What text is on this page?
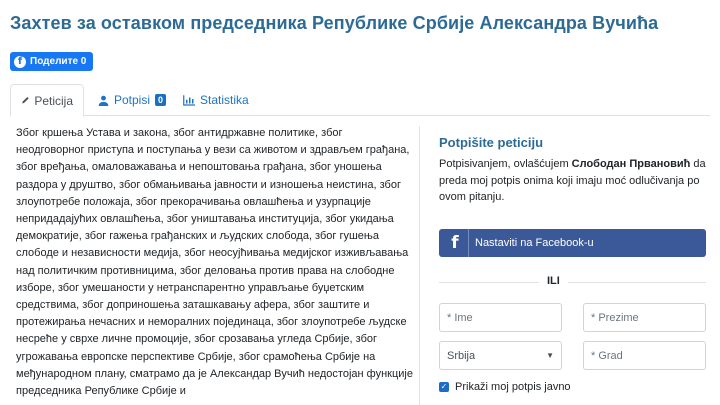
Захтев за оставком председника Републике Србије Александра Вучића
f Поделите 0
Peticija	Potpisi 0	Statistika
Због кршења Устава и закона, због антидржавне политике, због неодговорног приступа и поступања у вези са животом и здрављем грађана, због вређања, омаловажавања и непоштовања грађана, због уношења раздора у друштво, због обмањивања јавности и изношења неистина, због злоупотребе положаја, због прекорачивања овлашћења и узурпације непридадајућих овлашћења, због уништавања институција, због укидања демократије, због гажења грађанских и људских слобода, због гушења слободе и независности медија, због неосујћивања медијског изживљавања над политичким противницима, због деловања против права на слободне изборе, због умешаности у нетранспарентно управљање буџетским средствима, због доприношења заташкавању афера, због заштите и протежирања нечасних и неморалних појединаца, због злоупотребе људске несреће у сврхе личне промоције, због срозавања угледа Србије, због угрожавања европске перспективе Србије, због срамоћења Србије на међународном плану, сматрамо да је Александар Вучић недостојан функције председника Републике Србије и
Potpišite peticiju
Potpisivanjem, ovlašćujem Слободан Првановић da preda moj potpis onima koji imaju moć odlučivanja po ovom pitanju.
f	Nastaviti na Facebook-u
ILI
* Ime
* Prezime
Srbija	▼
* Grad
✓ Prikaži moj potpis javno
